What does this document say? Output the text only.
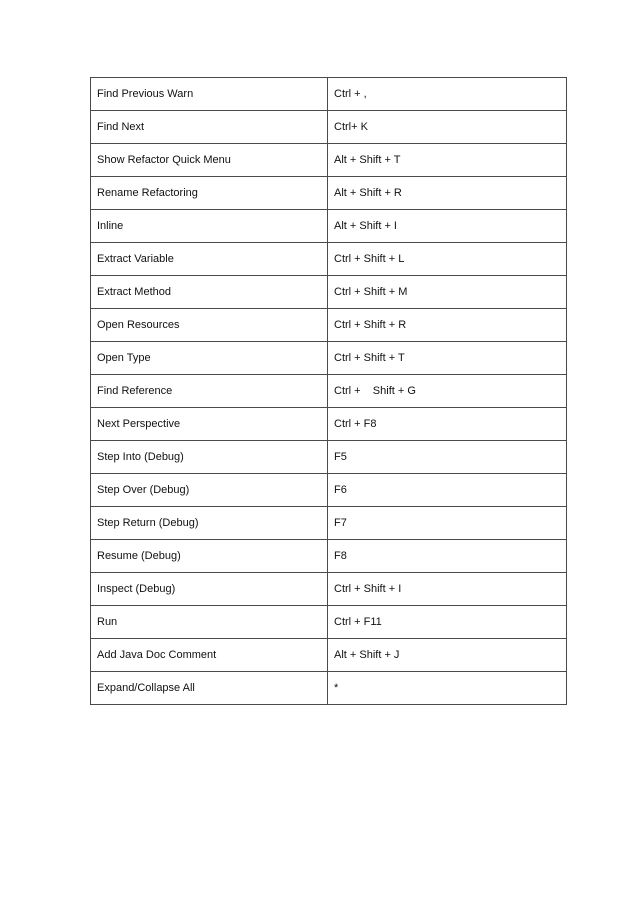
Find Previous Warn	Ctrl + ,
Find Next	Ctrl+ K
Show Refactor Quick Menu	Alt + Shift + T
Rename Refactoring	Alt + Shift + R
Inline	Alt + Shift + I
Extract Variable	Ctrl + Shift + L
Extract Method	Ctrl + Shift + M
Open Resources	Ctrl + Shift + R
Open Type	Ctrl + Shift + T
Find Reference	Ctrl +    Shift + G
Next Perspective	Ctrl + F8
Step Into (Debug)	F5
Step Over (Debug)	F6
Step Return (Debug)	F7
Resume (Debug)	F8
Inspect (Debug)	Ctrl + Shift + I
Run	Ctrl + F11
Add Java Doc Comment	Alt + Shift + J
Expand/Collapse All	*
